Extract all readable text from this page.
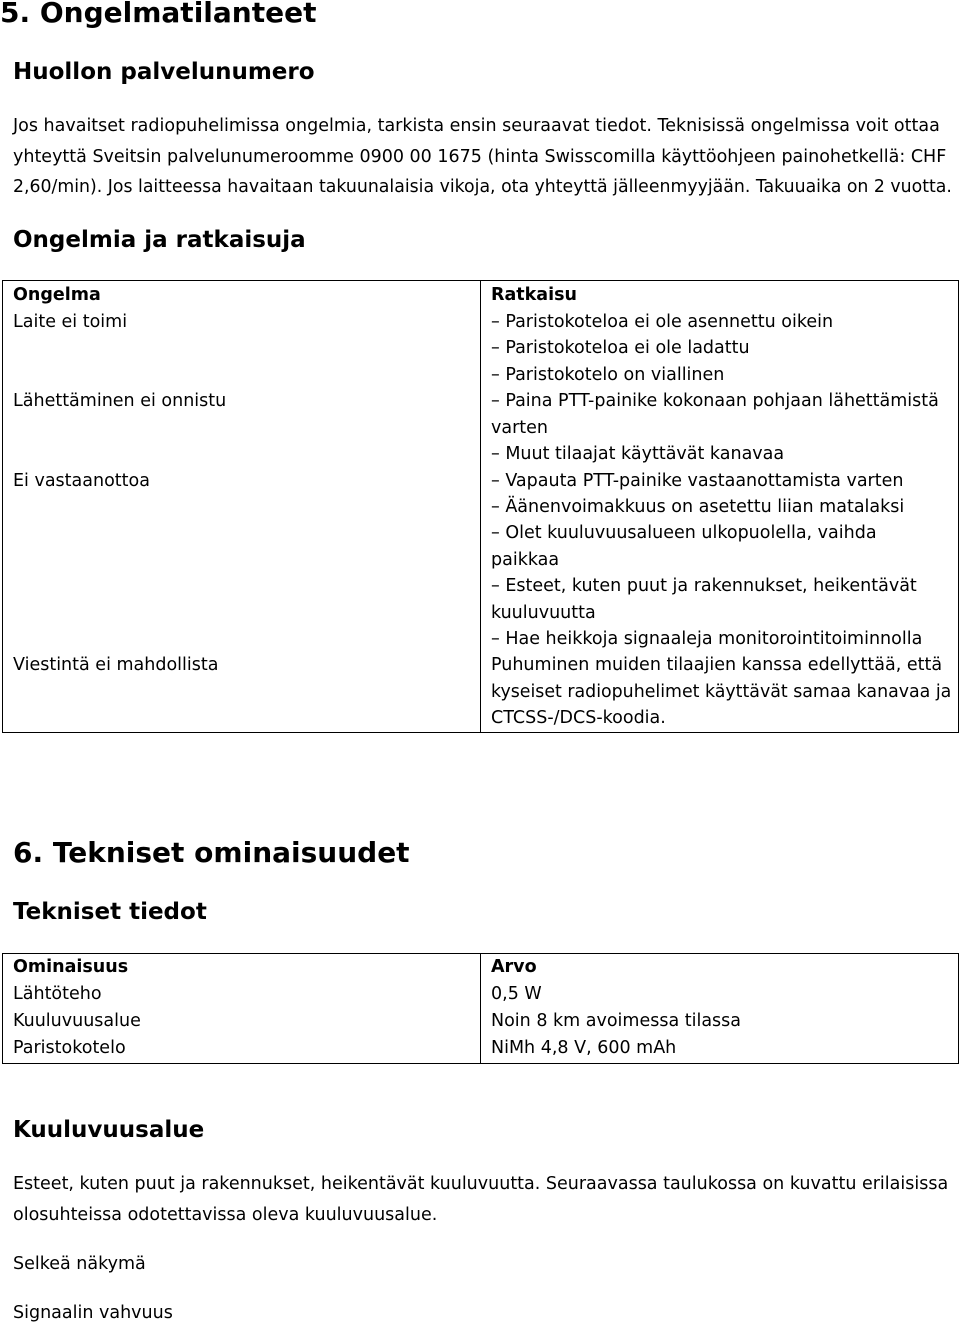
5. Ongelmatilanteet
Huollon palvelunumero
Jos havaitset radiopuhelimissa ongelmia, tarkista ensin seuraavat tiedot. Teknisissä ongelmissa voit ottaa
yhteyttä Sveitsin palvelunumeroomme 0900 00 1675 (hinta Swisscomilla käyttöohjeen painohetkellä: CHF
2,60/min). Jos laitteessa havaitaan takuunalaisia vikoja, ota yhteyttä jälleenmyyjään. Takuuaika on 2 vuotta.
Ongelmia ja ratkaisuja
Ongelma	Ratkaisu
Laite ei toimi	– Paristokoteloa ei ole asennettu oikein
– Paristokoteloa ei ole ladattu
– Paristokotelo on viallinen
Lähettäminen ei onnistu	– Paina PTT-painike kokonaan pohjaan lähettämistä
varten
– Muut tilaajat käyttävät kanavaa
Ei vastaanottoa	– Vapauta PTT-painike vastaanottamista varten
– Äänenvoimakkuus on asetettu liian matalaksi
– Olet kuuluvuusalueen ulkopuolella, vaihda
paikkaa
– Esteet, kuten puut ja rakennukset, heikentävät
kuuluvuutta
– Hae heikkoja signaaleja monitorointitoiminnolla
Viestintä ei mahdollista	Puhuminen muiden tilaajien kanssa edellyttää, että
kyseiset radiopuhelimet käyttävät samaa kanavaa ja
CTCSS-/DCS-koodia.
6. Tekniset ominaisuudet
Tekniset tiedot
Ominaisuus	Arvo
Lähtöteho	0,5 W
Kuuluvuusalue	Noin 8 km avoimessa tilassa
Paristokotelo	NiMh 4,8 V, 600 mAh
Kuuluvuusalue
Esteet, kuten puut ja rakennukset, heikentävät kuuluvuutta. Seuraavassa taulukossa on kuvattu erilaisissa
olosuhteissa odotettavissa oleva kuuluvuusalue.
Selkeä näkymä
Signaalin vahvuus
